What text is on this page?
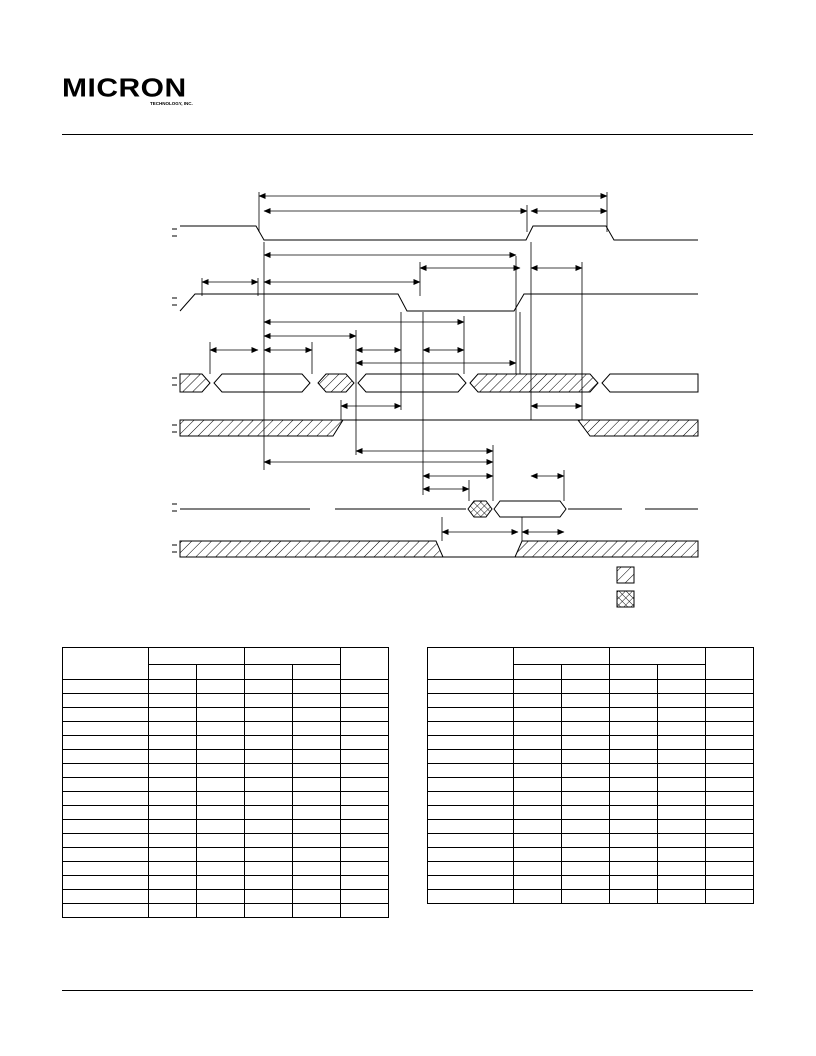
MICRON
TECHNOLOGY, INC.
